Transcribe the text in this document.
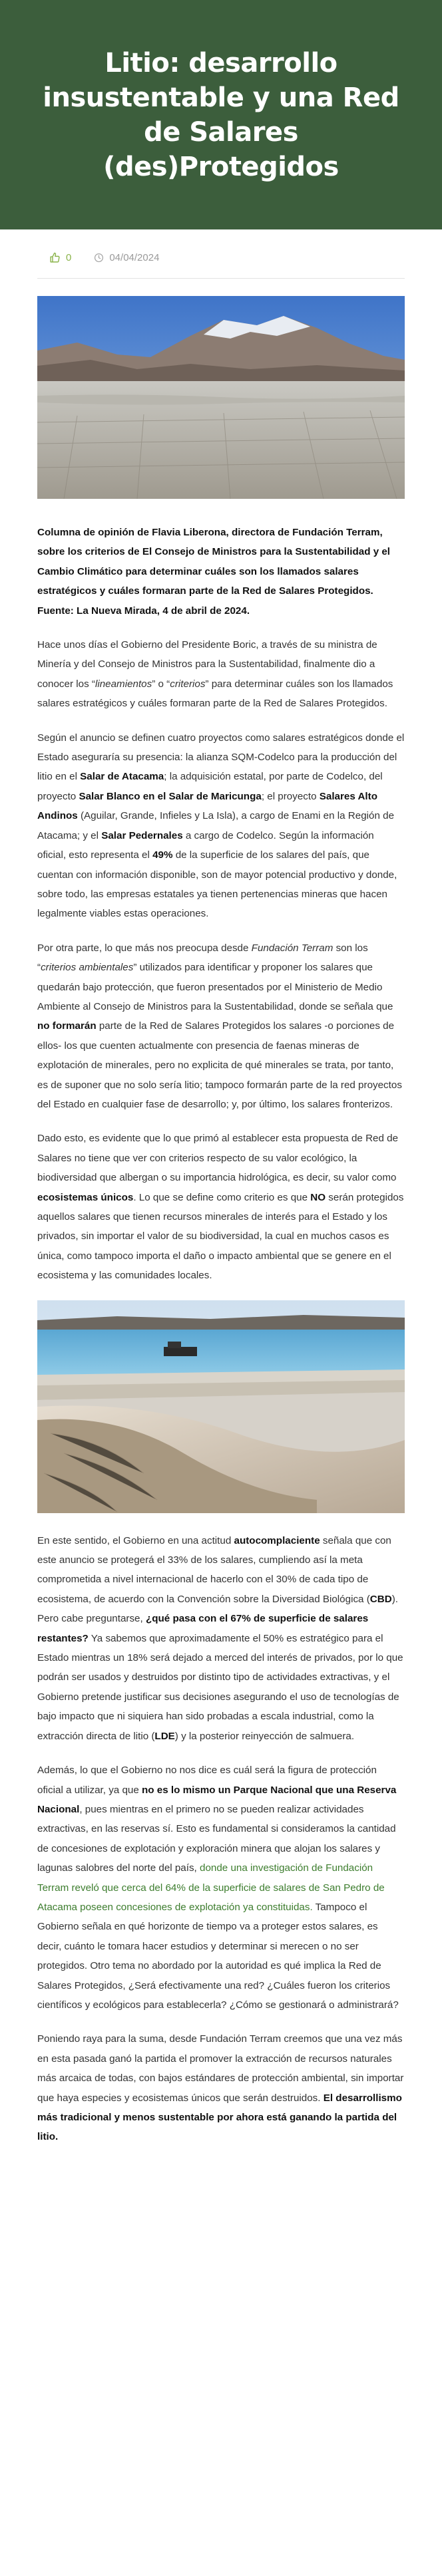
Litio: desarrollo insustentable y una Red de Salares (des)Protegidos
0	04/04/2024

Columna de opinión de Flavia Liberona, directora de Fundación Terram, sobre los criterios de El Consejo de Ministros para la Sustentabilidad y el Cambio Climático para determinar cuáles son los llamados salares estratégicos y cuáles formaran parte de la Red de Salares Protegidos.
Fuente: La Nueva Mirada, 4 de abril de 2024.

Hace unos días el Gobierno del Presidente Boric, a través de su ministra de Minería y del Consejo de Ministros para la Sustentabilidad, finalmente dio a conocer los “lineamientos” o “criterios” para determinar cuáles son los llamados salares estratégicos y cuáles formaran parte de la Red de Salares Protegidos.

Según el anuncio se definen cuatro proyectos como salares estratégicos donde el Estado aseguraría su presencia: la alianza SQM-Codelco para la producción del litio en el Salar de Atacama; la adquisición estatal, por parte de Codelco, del proyecto Salar Blanco en el Salar de Maricunga; el proyecto Salares Alto Andinos (Aguilar, Grande, Infieles y La Isla), a cargo de Enami en la Región de Atacama; y el Salar Pedernales a cargo de Codelco. Según la información oficial, esto representa el 49% de la superficie de los salares del país, que cuentan con información disponible, son de mayor potencial productivo y donde, sobre todo, las empresas estatales ya tienen pertenencias mineras que hacen legalmente viables estas operaciones.

Por otra parte, lo que más nos preocupa desde Fundación Terram son los “criterios ambientales” utilizados para identificar y proponer los salares que quedarán bajo protección, que fueron presentados por el Ministerio de Medio Ambiente al Consejo de Ministros para la Sustentabilidad, donde se señala que no formarán parte de la Red de Salares Protegidos los salares -o porciones de ellos- los que cuenten actualmente con presencia de faenas mineras de explotación de minerales, pero no explicita de qué minerales se trata, por tanto, es de suponer que no solo sería litio; tampoco formarán parte de la red proyectos del Estado en cualquier fase de desarrollo; y, por último, los salares fronterizos.

Dado esto, es evidente que lo que primó al establecer esta propuesta de Red de Salares no tiene que ver con criterios respecto de su valor ecológico, la biodiversidad que albergan o su importancia hidrológica, es decir, su valor como ecosistemas únicos. Lo que se define como criterio es que NO serán protegidos aquellos salares que tienen recursos minerales de interés para el Estado y los privados, sin importar el valor de su biodiversidad, la cual en muchos casos es única, como tampoco importa el daño o impacto ambiental que se genere en el ecosistema y las comunidades locales.

En este sentido, el Gobierno en una actitud autocomplaciente señala que con este anuncio se protegerá el 33% de los salares, cumpliendo así la meta comprometida a nivel internacional de hacerlo con el 30% de cada tipo de ecosistema, de acuerdo con la Convención sobre la Diversidad Biológica (CBD). Pero cabe preguntarse, ¿qué pasa con el 67% de superficie de salares restantes? Ya sabemos que aproximadamente el 50% es estratégico para el Estado mientras un 18% será dejado a merced del interés de privados, por lo que podrán ser usados y destruidos por distinto tipo de actividades extractivas, y el Gobierno pretende justificar sus decisiones asegurando el uso de tecnologías de bajo impacto que ni siquiera han sido probadas a escala industrial, como la extracción directa de litio (LDE) y la posterior reinyección de salmuera.

Además, lo que el Gobierno no nos dice es cuál será la figura de protección oficial a utilizar, ya que no es lo mismo un Parque Nacional que una Reserva Nacional, pues mientras en el primero no se pueden realizar actividades extractivas, en las reservas sí. Esto es fundamental si consideramos la cantidad de concesiones de explotación y exploración minera que alojan los salares y lagunas salobres del norte del país, donde una investigación de Fundación Terram reveló que cerca del 64% de la superficie de salares de San Pedro de Atacama poseen concesiones de explotación ya constituidas. Tampoco el Gobierno señala en qué horizonte de tiempo va a proteger estos salares, es decir, cuánto le tomara hacer estudios y determinar si merecen o no ser protegidos. Otro tema no abordado por la autoridad es qué implica la Red de Salares Protegidos, ¿Será efectivamente una red? ¿Cuáles fueron los criterios científicos y ecológicos para establecerla? ¿Cómo se gestionará o administrará?

Poniendo raya para la suma, desde Fundación Terram creemos que una vez más en esta pasada ganó la partida el promover la extracción de recursos naturales más arcaica de todas, con bajos estándares de protección ambiental, sin importar que haya especies y ecosistemas únicos que serán destruidos. El desarrollismo más tradicional y menos sustentable por ahora está ganando la partida del litio.
